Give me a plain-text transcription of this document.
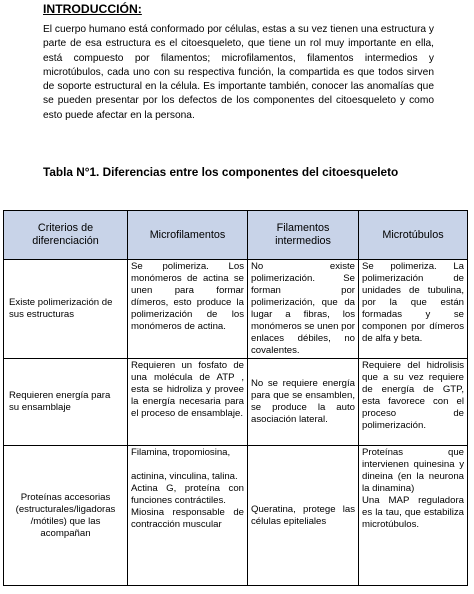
INTRODUCCIÓN:

El cuerpo humano está conformado por células, estas a su vez tienen una estructura y parte de esa estructura es el citoesqueleto, que tiene un rol muy importante en ella, está compuesto por filamentos; microfilamentos, filamentos intermedios y microtúbulos, cada uno con su respectiva función, la compartida es que todos sirven de soporte estructural en la célula. Es importante también, conocer las anomalías que se pueden presentar por los defectos de los componentes del citoesqueleto y como esto puede afectar en la persona.

Tabla N°1. Diferencias entre los componentes del citoesqueleto
Criterios de diferenciación	Microfilamentos	Filamentos intermedios	Microtúbulos
Existe polimerización de sus estructuras	Se polimeriza. Los monómeros de actina se unen para formar dímeros, esto produce la polimerización de los monómeros de actina.	No existe polimerización. Se forman por polimerización, que da lugar a fibras, los monómeros se unen por enlaces débiles, no covalentes.	Se polimeriza. La polimerización de unidades de tubulina, por la que están formadas y se componen por dímeros de alfa y beta.
Requieren energía para su ensamblaje	Requieren un fosfato de una molécula de ATP , esta se hidroliza y provee la energía necesaria para el proceso de ensamblaje.	No se requiere energía para que se ensamblen, se produce la auto asociación lateral.	Requiere del hidrolisis que a su vez requiere de energía de GTP, esta favorece con el proceso de polimerización.
Proteínas accesorias (estructurales/ligadoras /mótiles) que las acompañan	Filamina, tropomiosina,
actinina, vinculina, talina.
Actina G, proteína con funciones contráctiles.
Miosina responsable de contracción muscular	Queratina, protege las células epiteliales	Proteínas que intervienen quinesina y dineina (en la neurona la dinamina)
Una MAP reguladora es la tau, que estabiliza microtúbulos.
